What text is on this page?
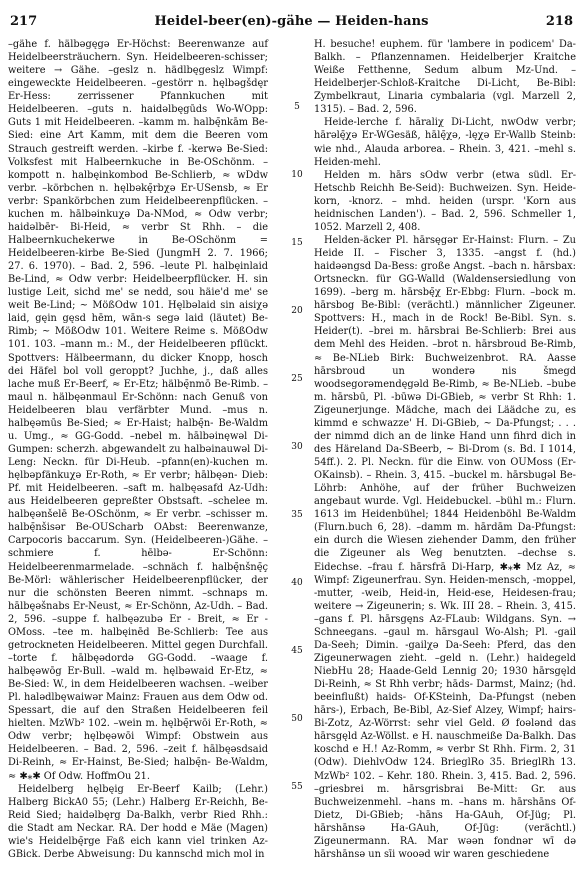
217	Heidel-beer(en)-gähe — Heiden-hans	218

–gähe f. hälbǝgęgǝ Er-Höchst: Beerenwanze auf Heidelbeersträuchern. Syn. Heidelbeeren-schisser; weitere → Gähe. –geslz n. hädlbęgeslz Wimpf: eingeweckte Heidelbeeren. –gestörr n. hęlbǝgšdęr Er-Hess: zerrissener Pfannkuchen mit Heidelbeeren. –guts n. haidǝlbęgūds Wo-WOpp: Guts 1 mit Heidelbeeren. –kamm m. halbę̄nkām Be-Sied: eine Art Kamm, mit dem die Beeren vom Strauch gestreift werden. –kirbe f. -kerwǝ Be-Sied: Volksfest mit Halbeernkuche in Be-OSchönm. –kompott n. halbęinkombod Be-Schlierb, ≈ wDdw verbr. –körbchen n. hęlbǝkę̄rbχǝ Er-USensb, ≈ Er verbr: Spankörbchen zum Heidelbeerenpflücken. –kuchen m. hālbǝinkuχǝ Da-NMod, ≈ Odw verbr; haidǝlbēr- Bi-Heid, ≈ verbr St Rhh. – die Halbeernkuchekerwe in Be-OSchönm = Heidelbeeren-kirbe Be-Sied (JungmH 2. 7. 1966; 27. 6. 1970). – Bad. 2, 596. –leute Pl. halbęinlaid Be-Lind, ≈ Odw verbr: Heidelbeerpflücker. H. sin lustige Leit, sichd me' se nedd, sou häie'd me' se weit Be-Lind; ~ MößOdw 101. Hęlbǝlaid sin aisiχǝ laid, gęin gęsd hēm, wān-s segǝ laid (läutet) Be-Rimb; ~ MößOdw 101. Weitere Reime s. MößOdw 101. 103. –mann m.: M., der Heidelbeeren pflückt. Spottvers: Hälbeermann, du dicker Knopp, hosch dei Häfel bol voll geroppt? Juchhe, j., daß alles lache muß Er-Beerf, ≈ Er-Etz; hälbę̄nmō Be-Rimb. –maul n. hälbęǝnmaul Er-Schönn: nach Genuß von Heidelbeeren blau verfärbter Mund. –mus n. halbęǝmūs Be-Sied; ≈ Er-Haist; halbę̄n- Be-Waldm u. Umg., ≈ GG-Godd. –nebel m. hālbǝinęwǝl Di-Gumpen: scherzh. abgewandelt zu halbǝinauwǝl Di-Leng: Neckn. für Di-Heub. –pfann(en)-kuchen m. hęlbǝpfänkuχǝ Er-Roth, ≈ Er verbr; hālbęǝn- Dieb: Pf. mit Heidelbeeren. –saft m. halbęǝsafd Az-Udh: aus Heidelbeeren gepreßter Obstsaft. –schelee m. halbęǝnšelē Be-OSchönm, ≈ Er verbr. –schisser m. halbę̄nšisǝr Be-OUScharb OAbst: Beerenwanze, Carpocoris baccarum. Syn. (Heidelbeeren-)Gähe. –schmiere f. hēlbǝ- Er-Schönn: Heidelbeerenmarmelade. –schnäch f. halbę̄nšnę̄ç Be-Mörl: wählerischer Heidelbeerenpflücker, der nur die schönsten Beeren nimmt. –schnaps m. hālbęǝšnabs Er-Neust, ≈ Er-Schönn, Az-Udh. – Bad. 2, 596. –suppe f. halbęǝzubǝ Er - Breit, ≈ Er - OMoss. –tee m. halbęinēd Be-Schlierb: Tee aus getrockneten Heidelbeeren. Mittel gegen Durchfall. –torte f. hālbęǝdordǝ GG-Godd. –waage f. halbęǝwōg Er-Bull. –wald m. hęlbǝwaid Er-Etz, ≈ Be-Sied: W., in dem Heidelbeeren wachsen. –weiber Pl. halǝdlbęwaiwǝr Mainz: Frauen aus dem Odw od. Spessart, die auf den Straßen Heidelbeeren feil hielten. MzWb² 102. –wein m. hęlbę̄rwōi Er-Roth, ≈ Odw verbr; hęlbęǝwōi Wimpf: Obstwein aus Heidelbeeren. – Bad. 2, 596. –zeit f. hālbęǝsdsaid Di-Reinh, ≈ Er-Hainst, Be-Sied; halbę̄n- Be-Waldm, ≈ ✱⁎✱ Of Odw. HoffmOu 21.

Heidelberg hęlbęig Er-Beerf Kailb; (Lehr.) Halberg BickA0 55; (Lehr.) Halberg Er-Reichh, Be-Reid Sied; haidǝlbęrg Da-Balkh, verbr Ried Rhh.: die Stadt am Neckar. RA. Der hodd e Mäe (Magen) wie's Heidelbę̄rge Faß eich kann viel trinken Az-GBick. Derbe Abweisung: Du kannschd mich mol in

5
10
15
20
25
30
35
40
45
50
55

H. besuche! euphem. für 'lambere in podicem' Da-Balkh. – Pflanzennamen. Heidelberjer Kraitche Weiße Fetthenne, Sedum album Mz-Und. – Heidelberjer-Schloß-Kraitche Di-Licht, Be-Bibl: Zymbelkraut, Linaria cymbalaria (vgl. Marzell 2, 1315). – Bad. 2, 596.

Heide-lerche f. hāraliχ Di-Licht, nwOdw verbr; hārǝlę̄χǝ Er-WGesäß, hālę̄χǝ, -lęχǝ Er-Wallb Steinb: wie nhd., Alauda arborea. – Rhein. 3, 421. –mehl s. Heiden-mehl.

Helden m. hārs sOdw verbr (etwa südl. Er-Hetschb Reichh Be-Seid): Buchweizen. Syn. Heide-korn, -knorz. – mhd. heiden (urspr. 'Korn aus heidnischen Landen'). – Bad. 2, 596. Schmeller 1, 1052. Marzell 2, 408.

Helden-äcker Pl. hārsęgǝr Er-Hainst: Flurn. – Zu Heide II. – Fischer 3, 1335. –angst f. (hd.) haidǝǝngsd Da-Bess: große Angst. –bach n. hārsbax: Ortsneckn. für GG-Walld (Waldensersiedlung von 1699). –berg m. hārsbę̄χ Er-Ebbg: Flurn. –bock m. hārsbog Be-Bibl: (verächtl.) männlicher Zigeuner. Spottvers: H., mach in de Rock! Be-Bibl. Syn. s. Heider(t). –brei m. hārsbrai Be-Schlierb: Brei aus dem Mehl des Heiden. –brot n. hārsbroud Be-Rimb, ≈ Be-NLieb Birk: Buchweizenbrot. RA. Aasse hārsbroud un wonderǝ nis šmegd woodsegorǝmendęgǝld Be-Rimb, ≈ Be-NLieb. –bube m. hārsbū, Pl. -būwǝ Di-GBieb, ≈ verbr St Rhh: 1. Zigeunerjunge. Mädche, mach dei Läädche zu, es kimmd e schwazze' H. Di-GBieb, ~ Da-Pfungst; . . . der nimmd dich an de linke Hand unn fihrd dich in des Häreland Da-SBeerb, ~ Bi-Drom (s. Bd. I 1014, 54ff.). 2. Pl. Neckn. für die Einw. von OUMoss (Er-OKainsb). – Rhein. 3, 415. –buckel m. hārsbugǝl Be-Löhrb: Anhöhe, auf der früher Buchweizen angebaut wurde. Vgl. Heidebuckel. –bühl m.: Flurn. 1613 im Heidenbühel; 1844 Heidenböhl Be-Waldm (Flurn.buch 6, 28). –damm m. hārdām Da-Pfungst: ein durch die Wiesen ziehender Damm, den früher die Zigeuner als Weg benutzten. –dechse s. Eidechse. –frau f. hārsfrā Di-Harp, ✱⁎✱ Mz Az, ≈ Wimpf: Zigeunerfrau. Syn. Heiden-mensch, -moppel, -mutter, -weib, Heid-in, Heid-ese, Heidesen-frau; weitere → Zigeunerin; s. Wk. III 28. – Rhein. 3, 415. –gans f. Pl. hārsgęns Az-FLaub: Wildgans. Syn. → Schneegans. –gaul m. hārsgaul Wo-Alsh; Pl. -gail Da-Seeh; Dimin. -gailχǝ Da-Seeh: Pferd, das den Zigeunerwagen zieht. –geld n. (Lehr.) haidegeld NiebHu 28; Haade-Geld Lennig 20; 1930 hārsgęld Di-Reinh, ≈ St Rhh verbr; hāds- Darmst, Mainz; (hd. beeinflußt) haids- Of-KSteinh, Da-Pfungst (neben hārs-), Erbach, Be-Bibl, Az-Sief Alzey, Wimpf; hairs- Bi-Zotz, Az-Wörrst: sehr viel Geld. Ø foǝlǝnd das hārsgęld Az-Wöllst. e H. nauschmeiße Da-Balkh. Das koschd e H.! Az-Romm, ≈ verbr St Rhh. Firm. 2, 31 (Odw). DiehlvOdw 124. BrieglRo 35. BrieglRh 13. MzWb² 102. – Kehr. 180. Rhein. 3, 415. Bad. 2, 596. –griesbrei m. hārsgrisbrai Be-Mitt: Gr. aus Buchweizenmehl. –hans m. –hans m. hārshāns Of-Dietz, Di-GBieb; -hāns Ha-GAuh, Of-Jüg; Pl. hārshānsǝ Ha-GAuh, Of-Jüg: (verächtl.) Zigeunermann. RA. Mar wǝǝn fondnǝr wī dǝ hārshānsǝ un sīi wooǝd wir waren geschiedene
